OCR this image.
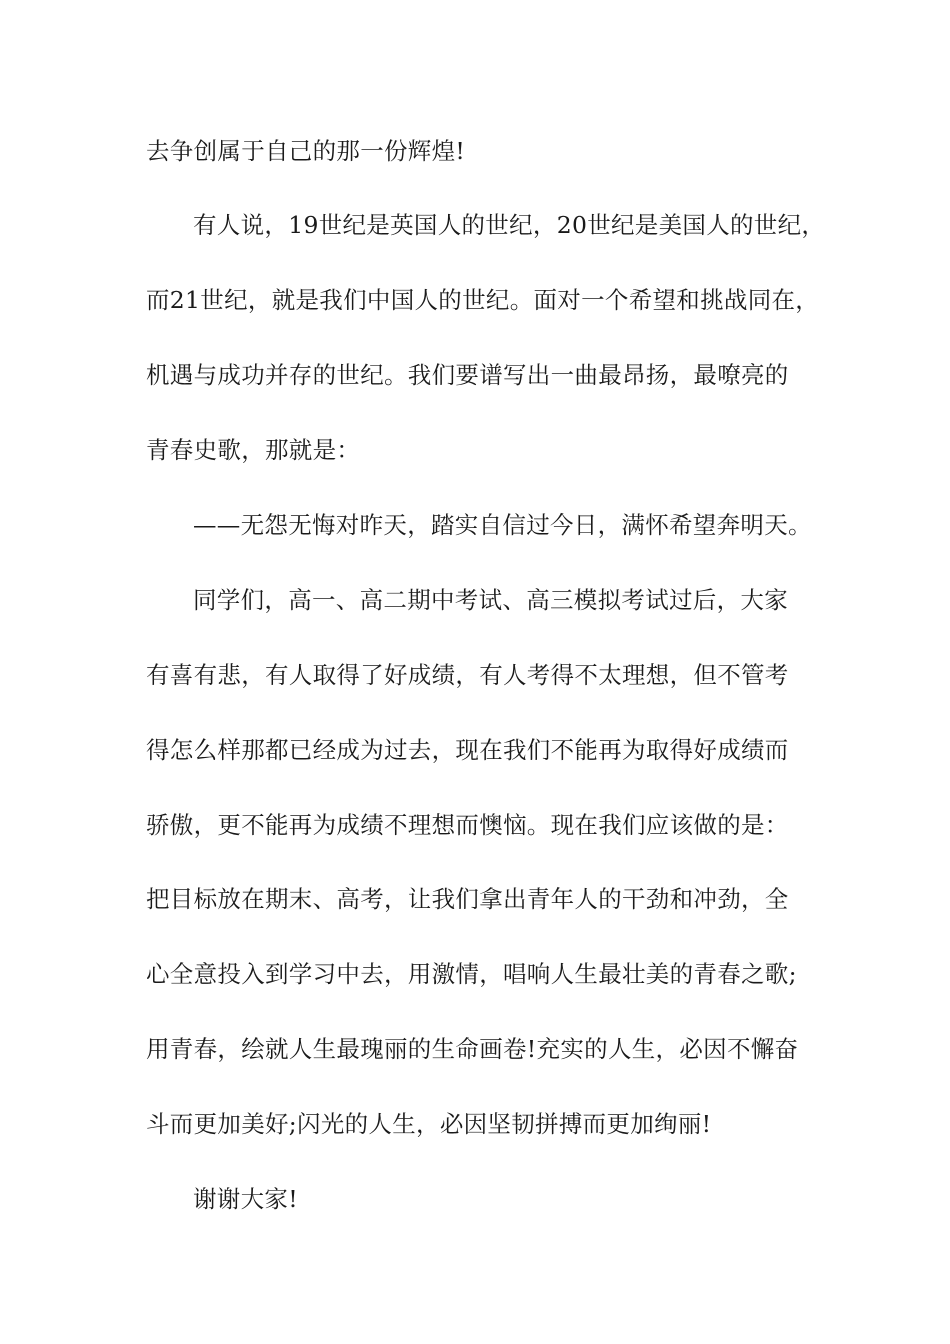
去争创属于自己的那一份辉煌!
有人说，19世纪是英国人的世纪，20世纪是美国人的世纪，
而21世纪，就是我们中国人的世纪。面对一个希望和挑战同在，
机遇与成功并存的世纪。我们要谱写出一曲最昂扬，最嘹亮的
青春史歌，那就是：
——无怨无悔对昨天，踏实自信过今日，满怀希望奔明天。
同学们，高一、高二期中考试、高三模拟考试过后，大家
有喜有悲，有人取得了好成绩，有人考得不太理想，但不管考
得怎么样那都已经成为过去，现在我们不能再为取得好成绩而
骄傲，更不能再为成绩不理想而懊恼。现在我们应该做的是：
把目标放在期末、高考，让我们拿出青年人的干劲和冲劲，全
心全意投入到学习中去，用激情，唱响人生最壮美的青春之歌;
用青春，绘就人生最瑰丽的生命画卷!充实的人生，必因不懈奋
斗而更加美好;闪光的人生，必因坚韧拼搏而更加绚丽!
谢谢大家!
